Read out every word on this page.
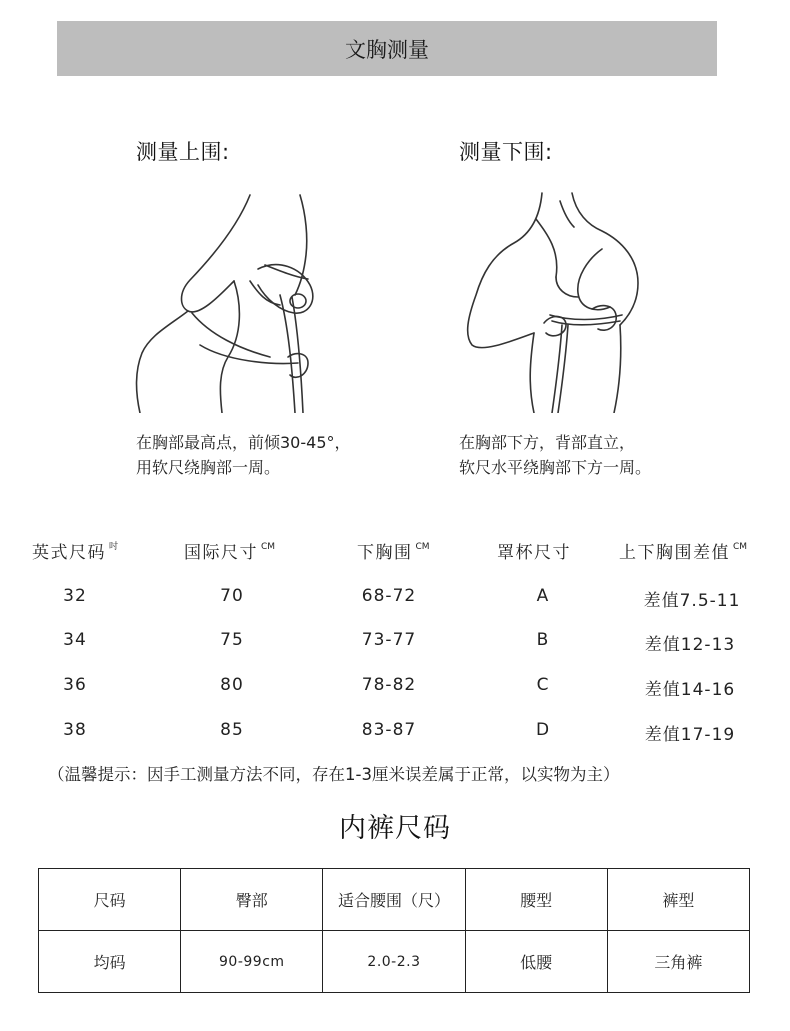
文胸测量
测量上围:	测量下围:
在胸部最高点，前倾30-45°，
用软尺绕胸部一周。
在胸部下方，背部直立，
软尺水平绕胸部下方一周。
英式尺码 $^吋$	国际尺寸 $^{CM}$	下胸围 $^{CM}$	罩杯尺寸	上下胸围差值 $^{CM}$
32	70	68-72	A	差值7.5-11
34	75	73-77	B	差值12-13
36	80	78-82	C	差值14-16
38	85	83-87	D	差值17-19
（温馨提示：因手工测量方法不同，存在1-3厘米误差属于正常，以实物为主）
内裤尺码
尺码	臀部	适合腰围（尺）	腰型	裤型
均码	90-99cm	2.0-2.3	低腰	三角裤
